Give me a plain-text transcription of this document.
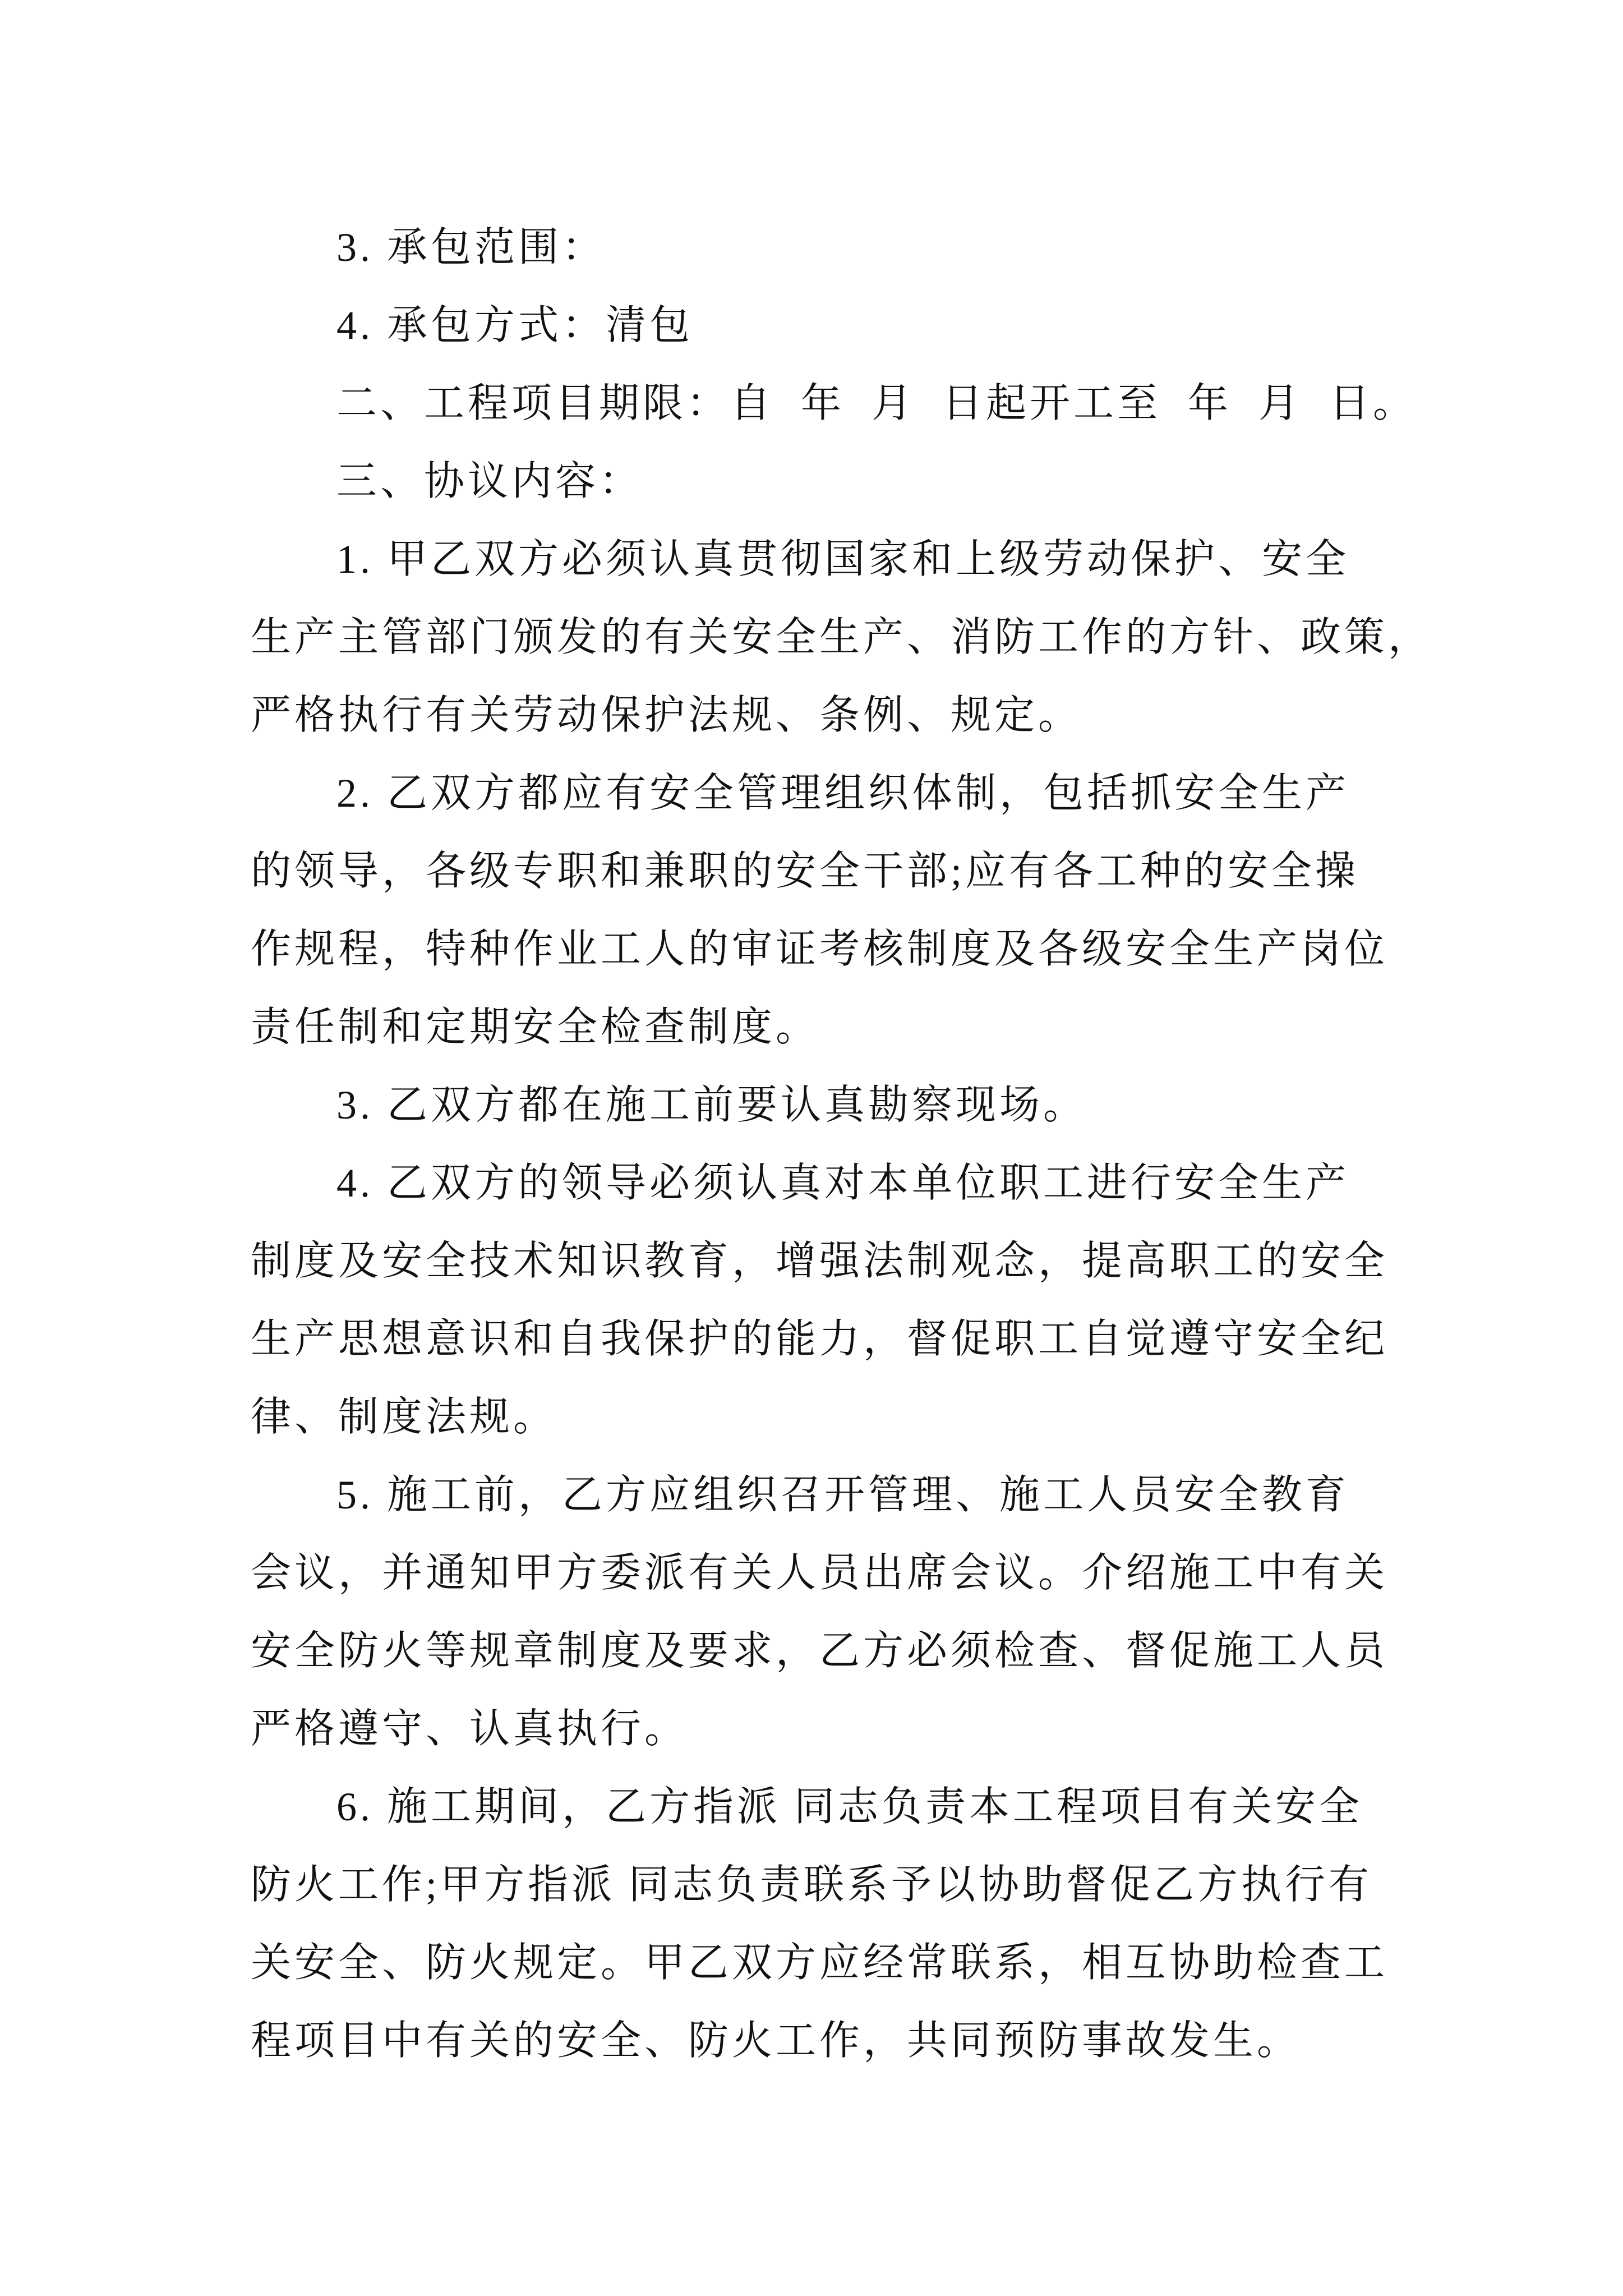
3. 承包范围：
4. 承包方式：清包
二、工程项目期限：自 年 月 日起开工至 年 月 日。
三、协议内容：
1. 甲乙双方必须认真贯彻国家和上级劳动保护、安全
生产主管部门颁发的有关安全生产、消防工作的方针、政策，
严格执行有关劳动保护法规、条例、规定。
2. 乙双方都应有安全管理组织体制，包括抓安全生产
的领导，各级专职和兼职的安全干部;应有各工种的安全操
作规程，特种作业工人的审证考核制度及各级安全生产岗位
责任制和定期安全检查制度。
3. 乙双方都在施工前要认真勘察现场。
4. 乙双方的领导必须认真对本单位职工进行安全生产
制度及安全技术知识教育，增强法制观念，提高职工的安全
生产思想意识和自我保护的能力，督促职工自觉遵守安全纪
律、制度法规。
5. 施工前，乙方应组织召开管理、施工人员安全教育
会议，并通知甲方委派有关人员出席会议。介绍施工中有关
安全防火等规章制度及要求，乙方必须检查、督促施工人员
严格遵守、认真执行。
6. 施工期间，乙方指派 同志负责本工程项目有关安全
防火工作;甲方指派 同志负责联系予以协助督促乙方执行有
关安全、防火规定。甲乙双方应经常联系，相互协助检查工
程项目中有关的安全、防火工作，共同预防事故发生。
